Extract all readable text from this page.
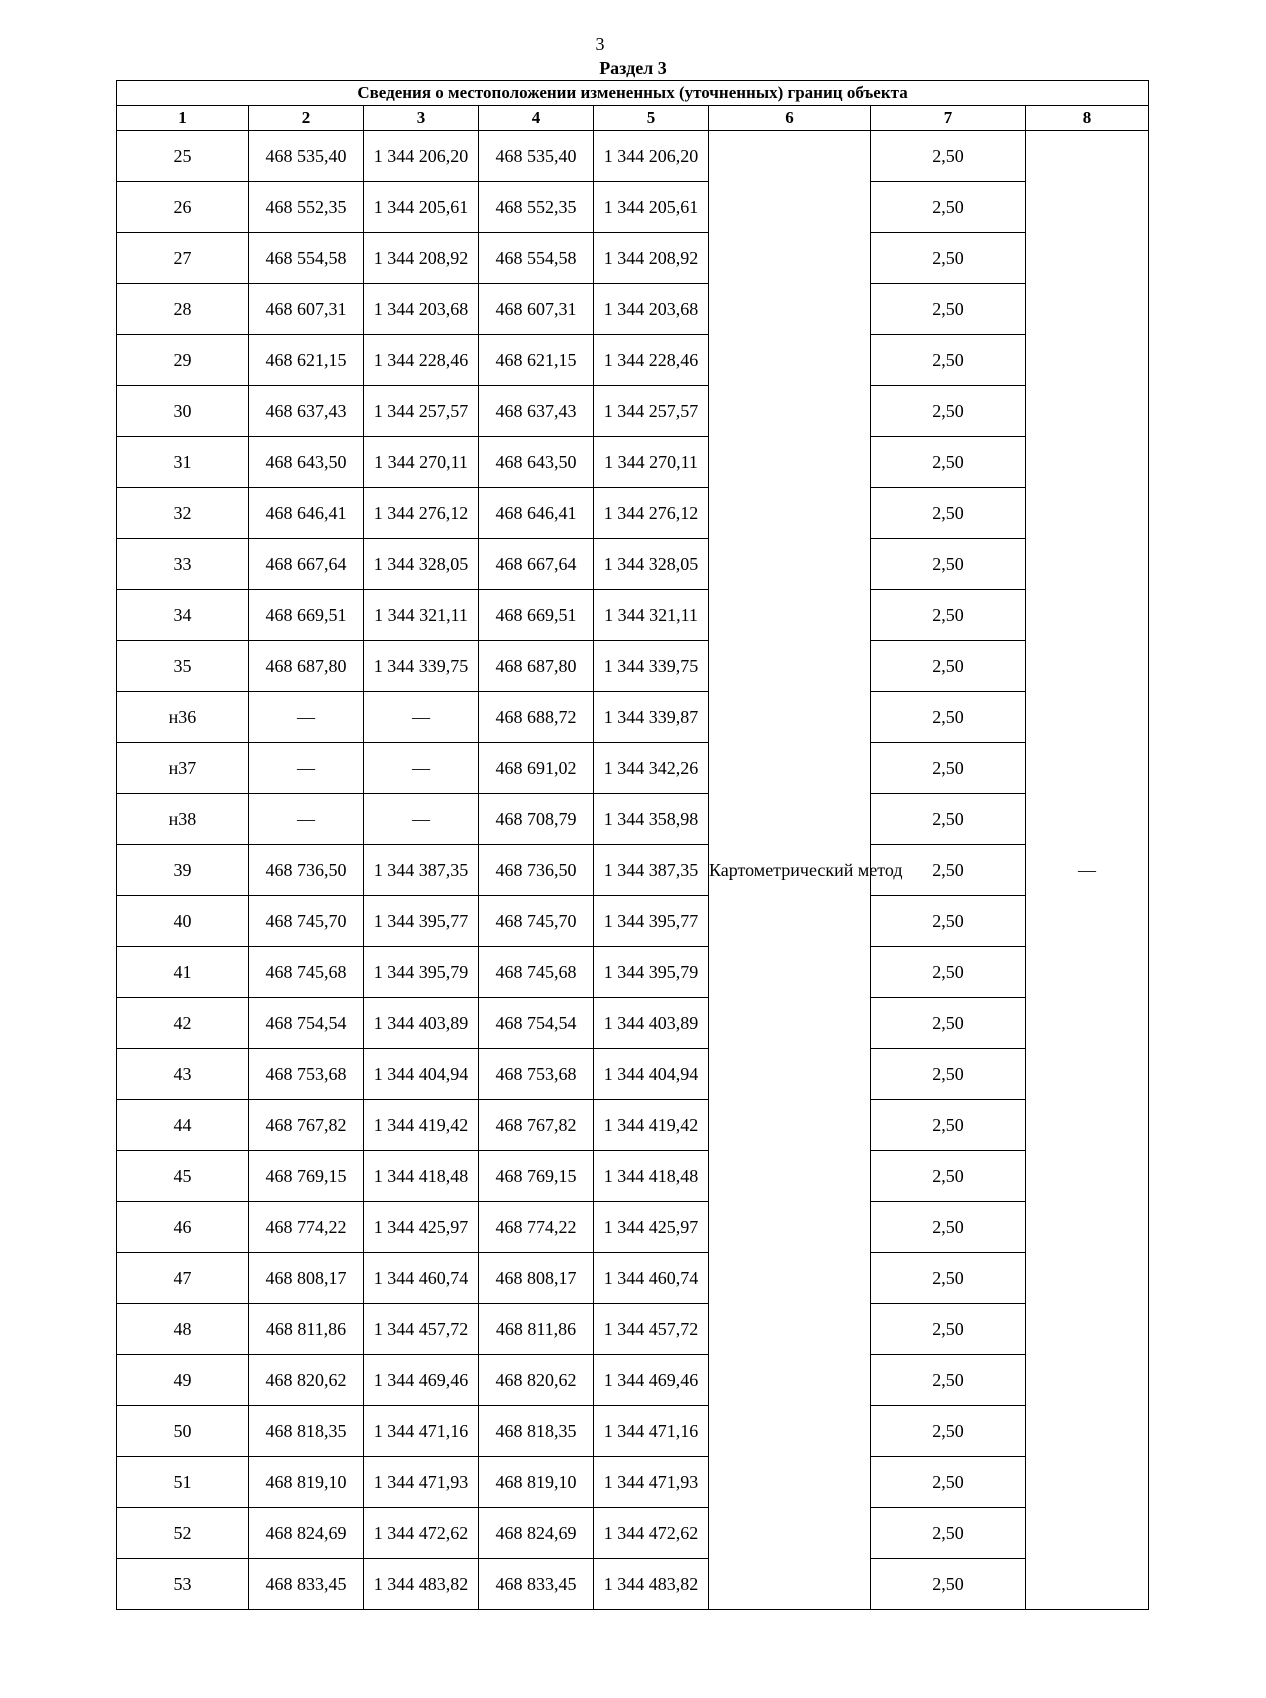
3
Раздел 3
Сведения о местоположении измененных (уточненных) границ объекта							
1	2	3	4	5	6	7	8
25	468 535,40	1 344 206,20	468 535,40	1 344 206,20	Картометрический метод	2,50	—
26	468 552,35	1 344 205,61	468 552,35	1 344 205,61		2,50	
27	468 554,58	1 344 208,92	468 554,58	1 344 208,92		2,50	
28	468 607,31	1 344 203,68	468 607,31	1 344 203,68		2,50	
29	468 621,15	1 344 228,46	468 621,15	1 344 228,46		2,50	
30	468 637,43	1 344 257,57	468 637,43	1 344 257,57		2,50	
31	468 643,50	1 344 270,11	468 643,50	1 344 270,11		2,50	
32	468 646,41	1 344 276,12	468 646,41	1 344 276,12		2,50	
33	468 667,64	1 344 328,05	468 667,64	1 344 328,05		2,50	
34	468 669,51	1 344 321,11	468 669,51	1 344 321,11		2,50	
35	468 687,80	1 344 339,75	468 687,80	1 344 339,75		2,50	
н36	—	—	468 688,72	1 344 339,87		2,50	
н37	—	—	468 691,02	1 344 342,26		2,50	
н38	—	—	468 708,79	1 344 358,98		2,50	
39	468 736,50	1 344 387,35	468 736,50	1 344 387,35		2,50	
40	468 745,70	1 344 395,77	468 745,70	1 344 395,77		2,50	
41	468 745,68	1 344 395,79	468 745,68	1 344 395,79		2,50	
42	468 754,54	1 344 403,89	468 754,54	1 344 403,89		2,50	
43	468 753,68	1 344 404,94	468 753,68	1 344 404,94		2,50	
44	468 767,82	1 344 419,42	468 767,82	1 344 419,42		2,50	
45	468 769,15	1 344 418,48	468 769,15	1 344 418,48		2,50	
46	468 774,22	1 344 425,97	468 774,22	1 344 425,97		2,50	
47	468 808,17	1 344 460,74	468 808,17	1 344 460,74		2,50	
48	468 811,86	1 344 457,72	468 811,86	1 344 457,72		2,50	
49	468 820,62	1 344 469,46	468 820,62	1 344 469,46		2,50	
50	468 818,35	1 344 471,16	468 818,35	1 344 471,16		2,50	
51	468 819,10	1 344 471,93	468 819,10	1 344 471,93		2,50	
52	468 824,69	1 344 472,62	468 824,69	1 344 472,62		2,50	
53	468 833,45	1 344 483,82	468 833,45	1 344 483,82		2,50	
